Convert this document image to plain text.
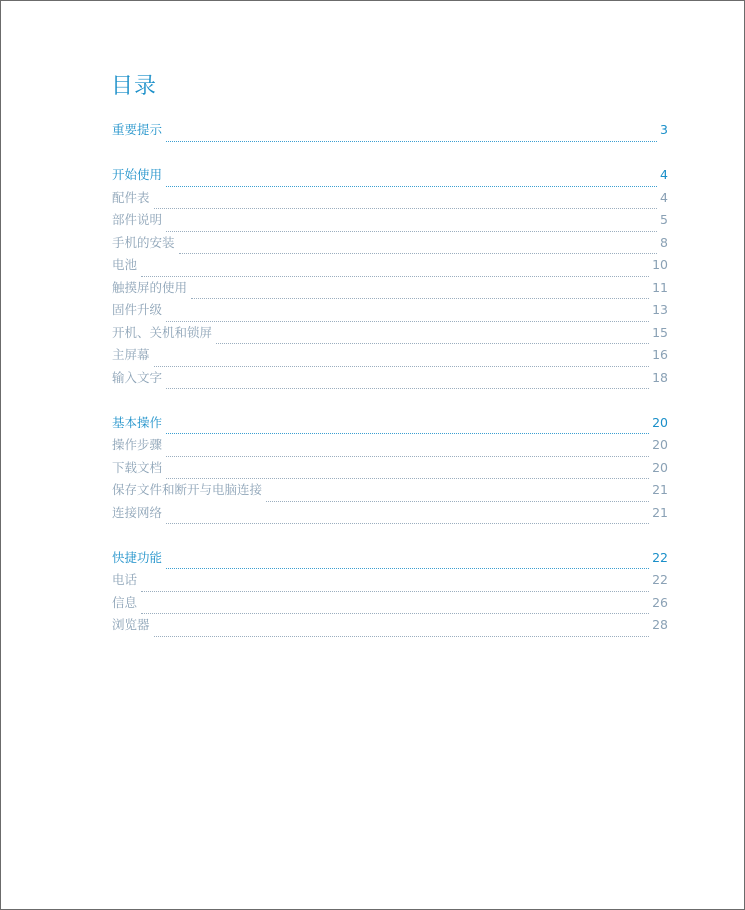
目录
重要提示	3
开始使用	4
配件表	4
部件说明	5
手机的安装	8
电池	10
触摸屏的使用	11
固件升级	13
开机、关机和锁屏	15
主屏幕	16
输入文字	18
基本操作	20
操作步骤	20
下载文档	20
保存文件和断开与电脑连接	21
连接网络	21
快捷功能	22
电话	22
信息	26
浏览器	28
